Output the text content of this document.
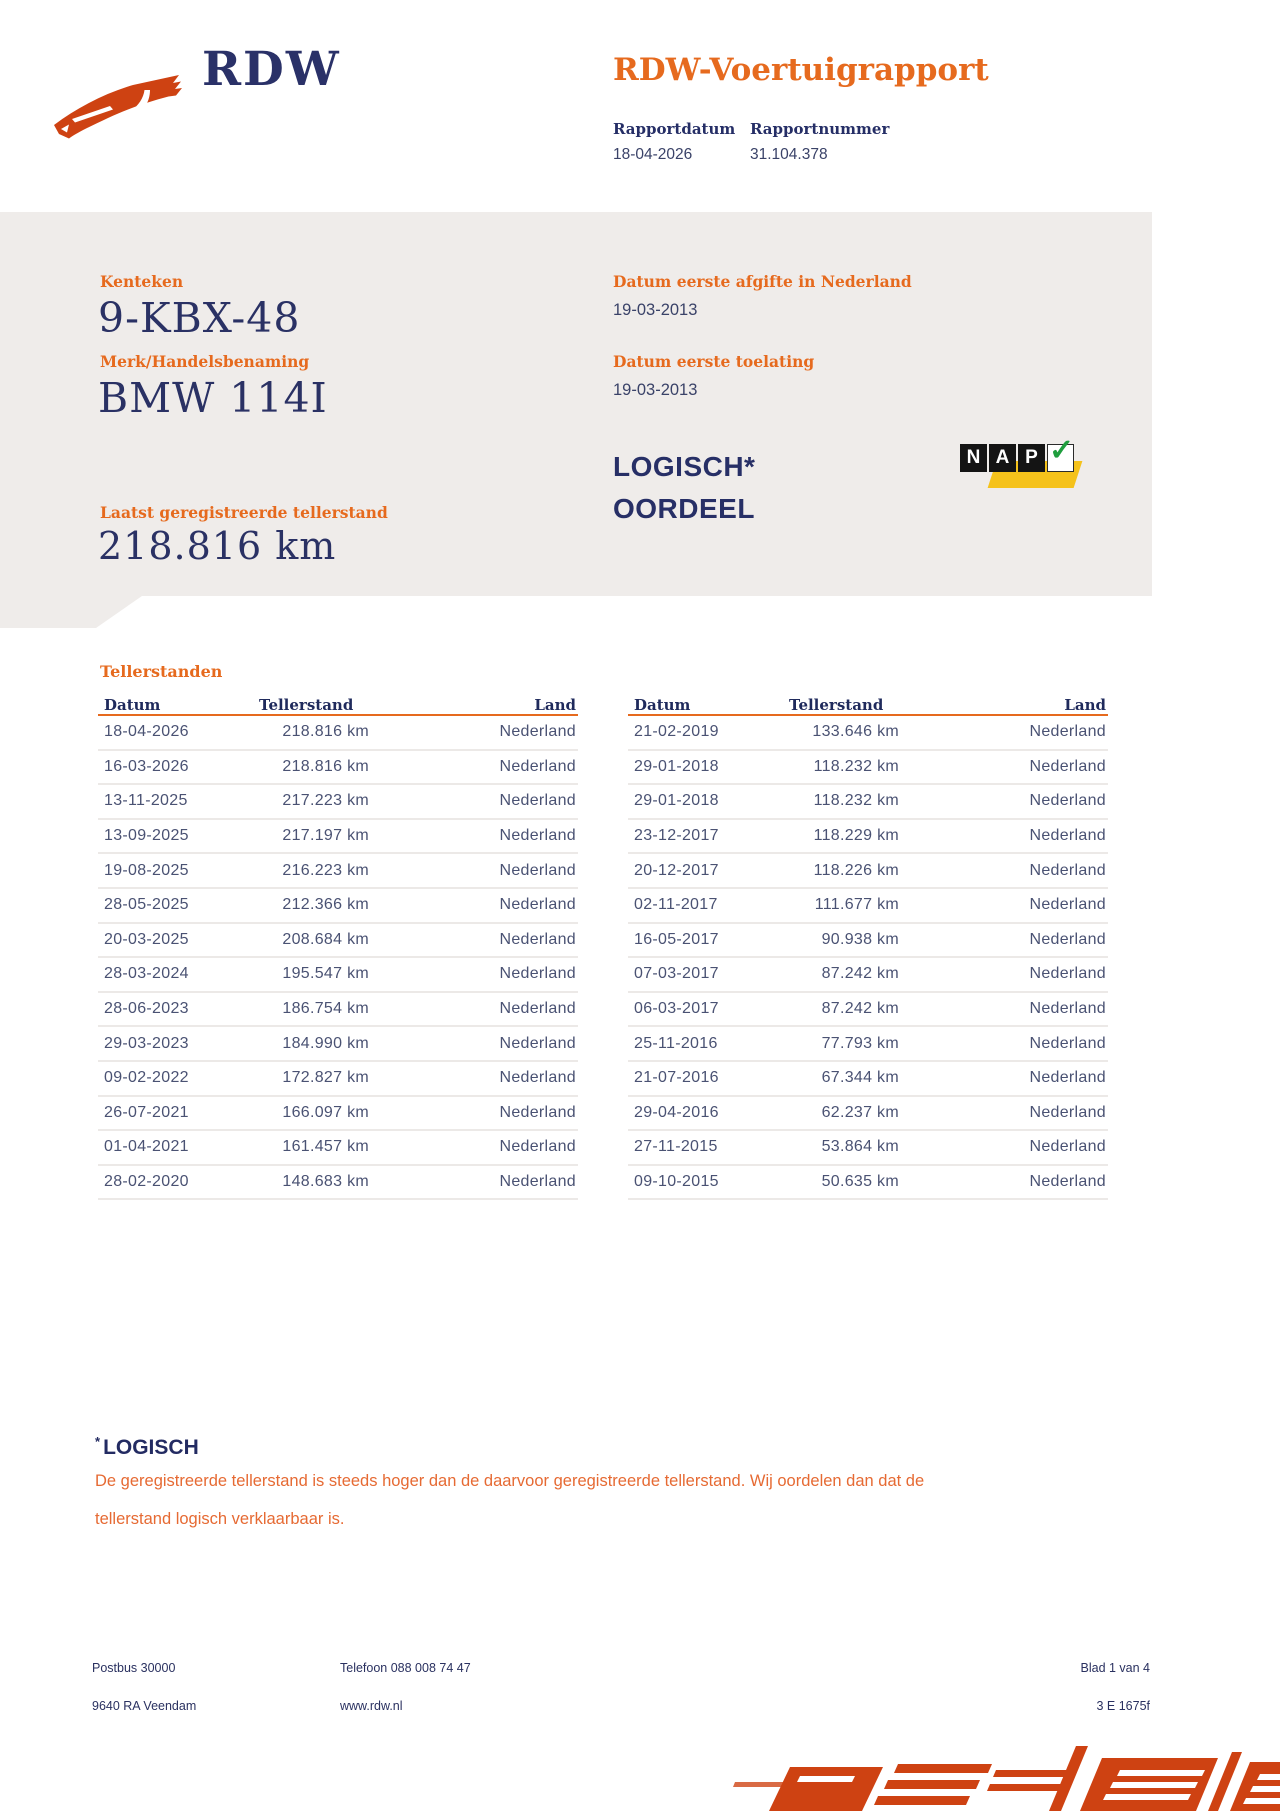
RDW	RDW-Voertuigrapport
Rapportdatum Rapportnummer
18-04-2026	31.104.378
Kenteken
9-KBX-48
Merk/Handelsbenaming
BMW 114I
Laatst geregistreerde tellerstand
218.816 km
Datum eerste afgifte in Nederland
19-03-2013
Datum eerste toelating
19-03-2013
LOGISCH*
OORDEEL
N A P ✓
Tellerstanden
Datum	Tellerstand	Land
18-04-2026	218.816 km	Nederland
16-03-2026	218.816 km	Nederland
13-11-2025	217.223 km	Nederland
13-09-2025	217.197 km	Nederland
19-08-2025	216.223 km	Nederland
28-05-2025	212.366 km	Nederland
20-03-2025	208.684 km	Nederland
28-03-2024	195.547 km	Nederland
28-06-2023	186.754 km	Nederland
29-03-2023	184.990 km	Nederland
09-02-2022	172.827 km	Nederland
26-07-2021	166.097 km	Nederland
01-04-2021	161.457 km	Nederland
28-02-2020	148.683 km	Nederland
Datum	Tellerstand	Land
21-02-2019	133.646 km	Nederland
29-01-2018	118.232 km	Nederland
29-01-2018	118.232 km	Nederland
23-12-2017	118.229 km	Nederland
20-12-2017	118.226 km	Nederland
02-11-2017	111.677 km	Nederland
16-05-2017	90.938 km	Nederland
07-03-2017	87.242 km	Nederland
06-03-2017	87.242 km	Nederland
25-11-2016	77.793 km	Nederland
21-07-2016	67.344 km	Nederland
29-04-2016	62.237 km	Nederland
27-11-2015	53.864 km	Nederland
09-10-2015	50.635 km	Nederland
* LOGISCH
De geregistreerde tellerstand is steeds hoger dan de daarvoor geregistreerde tellerstand. Wij oordelen dan dat de
tellerstand logisch verklaarbaar is.
Postbus 30000
9640 RA Veendam
Telefoon 088 008 74 47
www.rdw.nl
Blad 1 van 4
3 E 1675f
